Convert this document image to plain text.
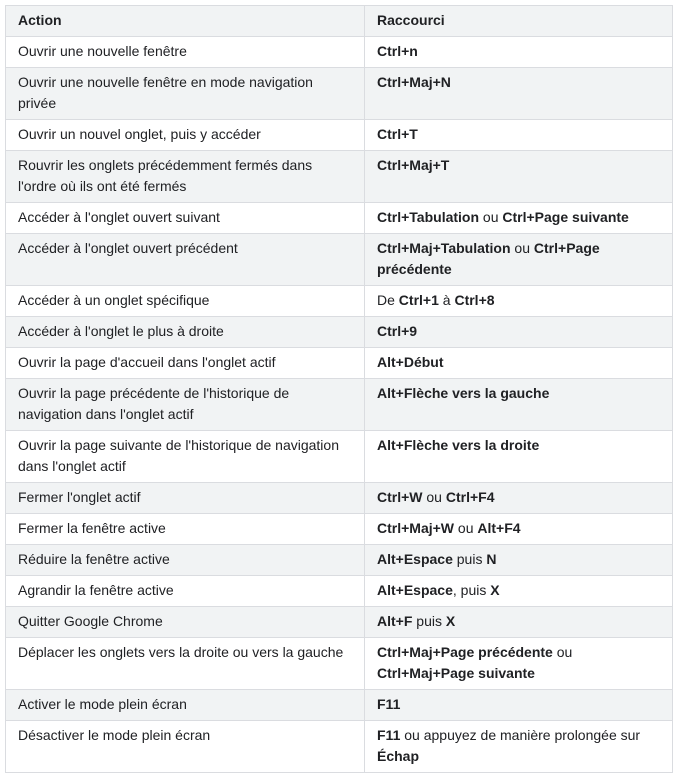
Action	Raccourci
Ouvrir une nouvelle fenêtre	Ctrl+n
Ouvrir une nouvelle fenêtre en mode navigation privée	Ctrl+Maj+N
Ouvrir un nouvel onglet, puis y accéder	Ctrl+T
Rouvrir les onglets précédemment fermés dans l'ordre où ils ont été fermés	Ctrl+Maj+T
Accéder à l'onglet ouvert suivant	Ctrl+Tabulation ou Ctrl+Page suivante
Accéder à l'onglet ouvert précédent	Ctrl+Maj+Tabulation ou Ctrl+Page précédente
Accéder à un onglet spécifique	De Ctrl+1 à Ctrl+8
Accéder à l'onglet le plus à droite	Ctrl+9
Ouvrir la page d'accueil dans l'onglet actif	Alt+Début
Ouvrir la page précédente de l'historique de navigation dans l'onglet actif	Alt+Flèche vers la gauche
Ouvrir la page suivante de l'historique de navigation dans l'onglet actif	Alt+Flèche vers la droite
Fermer l'onglet actif	Ctrl+W ou Ctrl+F4
Fermer la fenêtre active	Ctrl+Maj+W ou Alt+F4
Réduire la fenêtre active	Alt+Espace puis N
Agrandir la fenêtre active	Alt+Espace, puis X
Quitter Google Chrome	Alt+F puis X
Déplacer les onglets vers la droite ou vers la gauche	Ctrl+Maj+Page précédente ou Ctrl+Maj+Page suivante
Activer le mode plein écran	F11
Désactiver le mode plein écran	F11 ou appuyez de manière prolongée sur Échap
